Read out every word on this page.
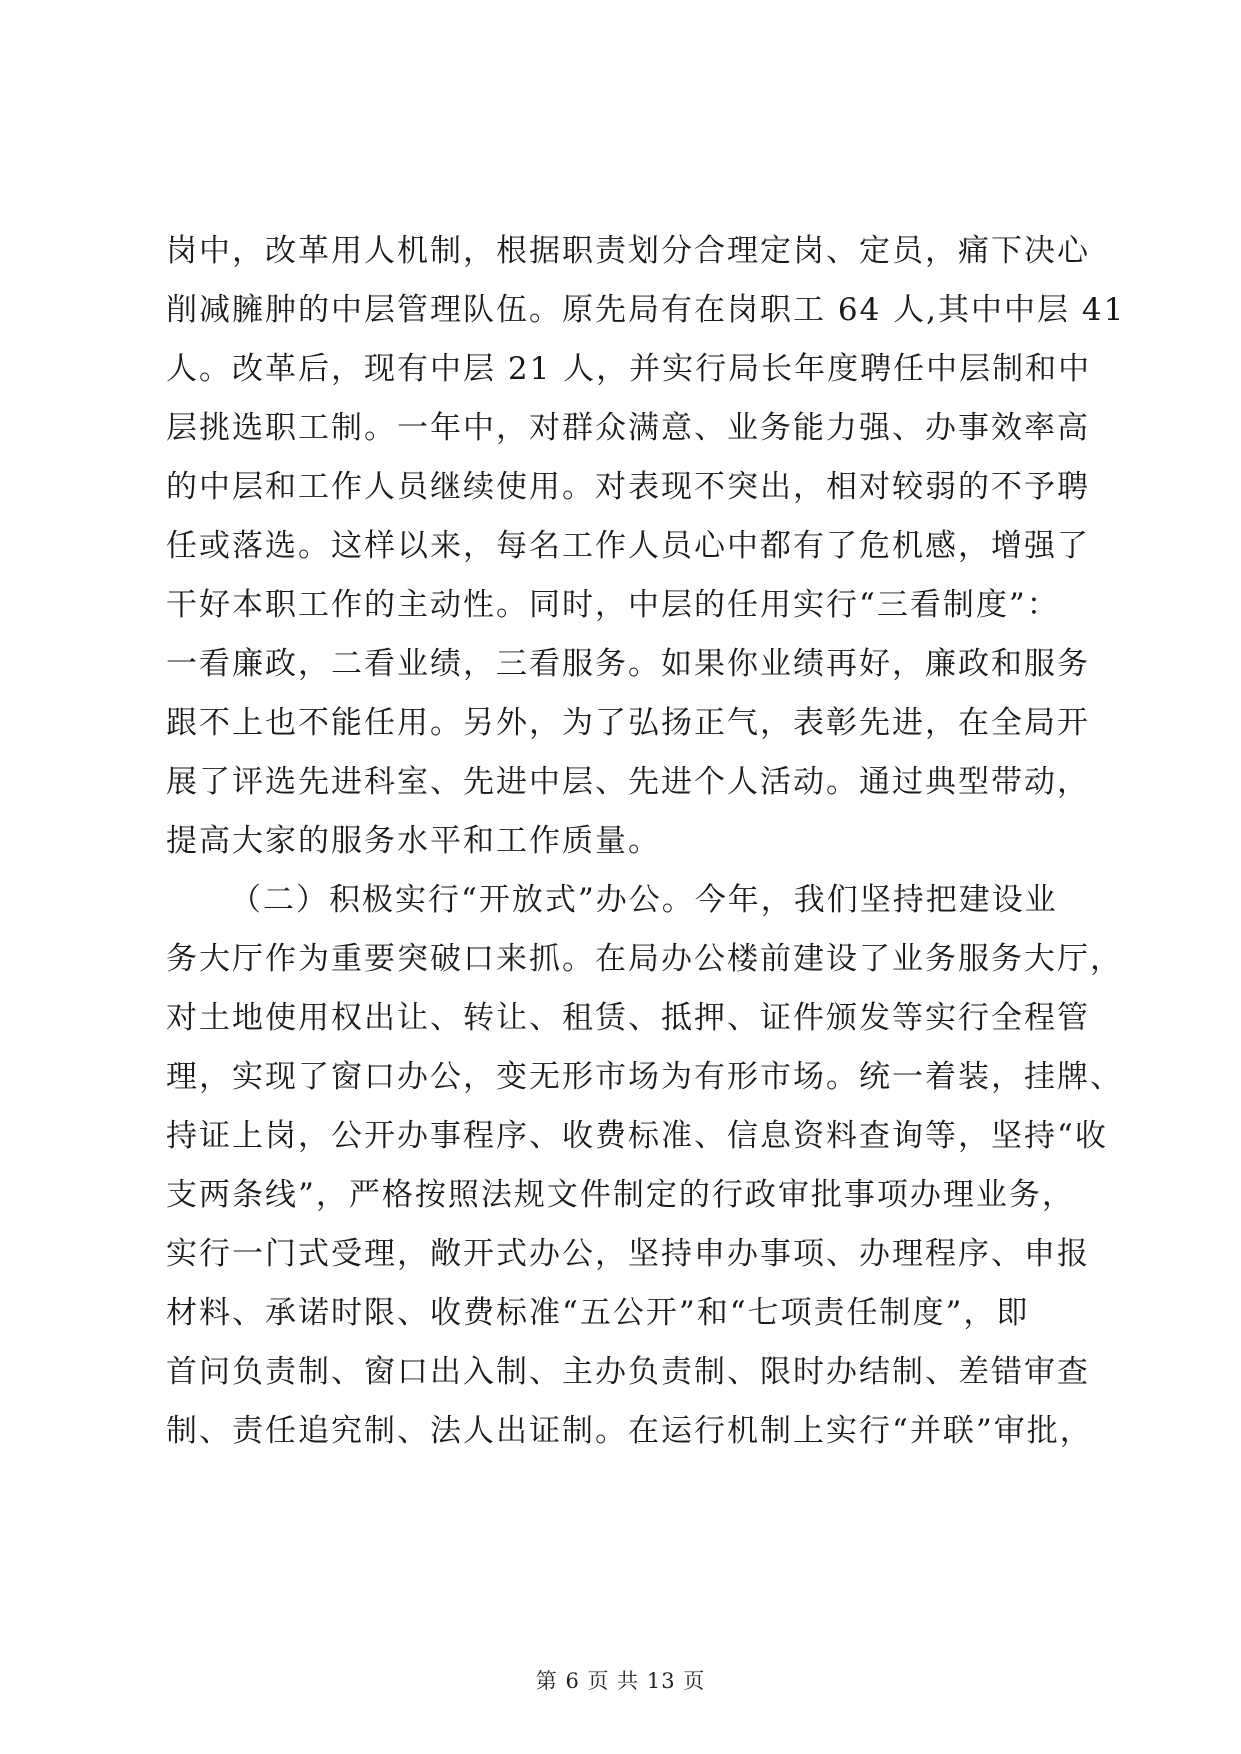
岗中，改革用人机制，根据职责划分合理定岗、定员，痛下决心
削减臃肿的中层管理队伍。原先局有在岗职工 64 人,其中中层 41
人。改革后，现有中层 21 人，并实行局长年度聘任中层制和中
层挑选职工制。一年中，对群众满意、业务能力强、办事效率高
的中层和工作人员继续使用。对表现不突出，相对较弱的不予聘
任或落选。这样以来，每名工作人员心中都有了危机感，增强了
干好本职工作的主动性。同时，中层的任用实行“三看制度”：
一看廉政，二看业绩，三看服务。如果你业绩再好，廉政和服务
跟不上也不能任用。另外，为了弘扬正气，表彰先进，在全局开
展了评选先进科室、先进中层、先进个人活动。通过典型带动，
提高大家的服务水平和工作质量。
（二）积极实行“开放式”办公。今年，我们坚持把建设业
务大厅作为重要突破口来抓。在局办公楼前建设了业务服务大厅，
对土地使用权出让、转让、租赁、抵押、证件颁发等实行全程管
理，实现了窗口办公，变无形市场为有形市场。统一着装，挂牌、
持证上岗，公开办事程序、收费标准、信息资料查询等，坚持“收
支两条线”，严格按照法规文件制定的行政审批事项办理业务，
实行一门式受理，敞开式办公，坚持申办事项、办理程序、申报
材料、承诺时限、收费标准“五公开”和“七项责任制度”，即
首问负责制、窗口出入制、主办负责制、限时办结制、差错审查
制、责任追究制、法人出证制。在运行机制上实行“并联”审批，
第 6 页 共 13 页
